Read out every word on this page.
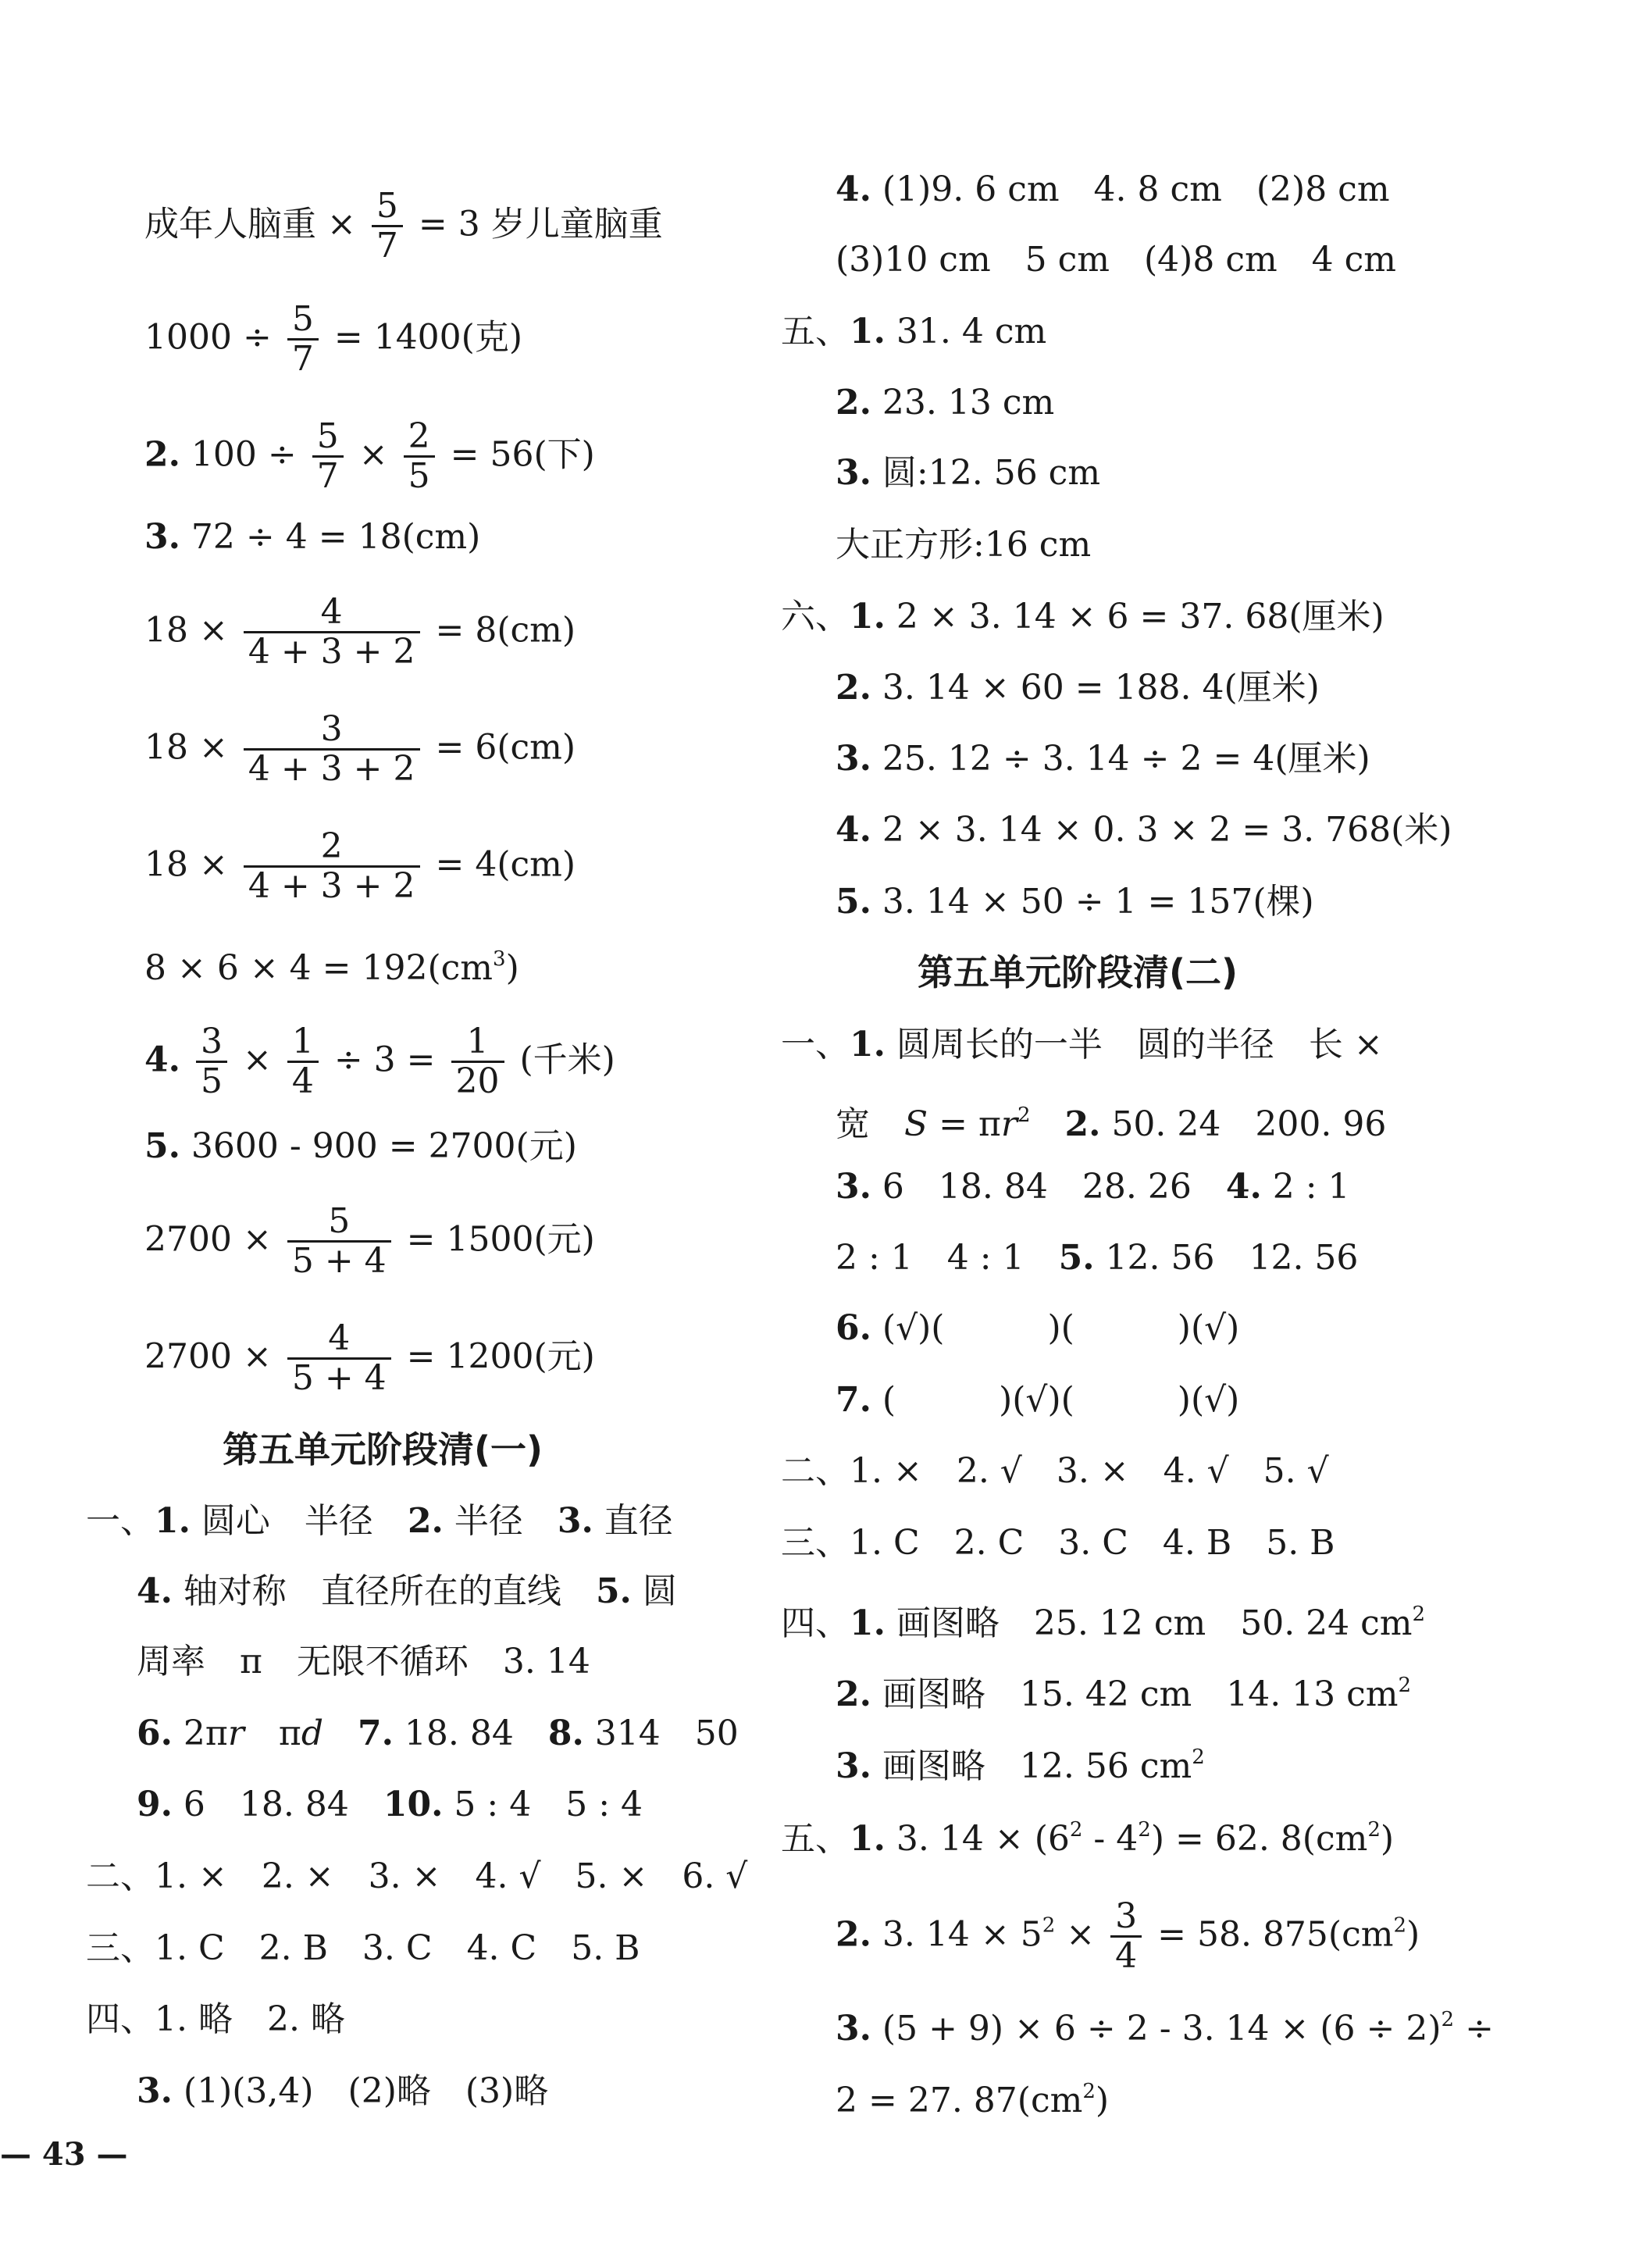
成年人脑重 × $\frac{5}{7} = 3$ 岁儿童脑重
$1000 \div \frac{5}{7} = 1400$(克)
2. $100 \div \frac{5}{7} \times \frac{2}{5} = 56$(下)
3. 72 ÷ 4 = 18(cm)
$18 \times \frac{4}{4 + 3 + 2} = 8(cm)$
$18 \times \frac{3}{4 + 3 + 2} = 6(cm)$
$18 \times \frac{2}{4 + 3 + 2} = 4(cm)$
$8 \times 6 \times 4 = 192(cm^3)$
4. $\frac{3}{5} \times \frac{1}{4} \div 3 = \frac{1}{20}$ (千米)
5. 3600 - 900 = 2700(元)
$2700 \times \frac{5}{5 + 4} = 1500$(元)
$2700 \times \frac{4}{5 + 4} = 1200$(元)
第五单元阶段清(一)
一、1. 圆心　半径　2. 半径　3. 直径
4. 轴对称　直径所在的直线　5. 圆
周率　π　无限不循环　3. 14
6. 2πr　πd　7. 18. 84　8. 314　50
9. 6　18. 84　10. 5 : 4　5 : 4
二、1. ×　2. ×　3. ×　4. √　5. ×　6. √
三、1. C　2. B　3. C　4. C　5. B
四、1. 略　2. 略
3. (1)(3,4)　(2)略　(3)略
4. (1)9. 6 cm　4. 8 cm　(2)8 cm
(3)10 cm　5 cm　(4)8 cm　4 cm
五、1. 31. 4 cm
2. 23. 13 cm
3. 圆:12. 56 cm
大正方形:16 cm
六、1. 2 × 3. 14 × 6 = 37. 68(厘米)
2. 3. 14 × 60 = 188. 4(厘米)
3. 25. 12 ÷ 3. 14 ÷ 2 = 4(厘米)
4. 2 × 3. 14 × 0. 3 × 2 = 3. 768(米)
5. 3. 14 × 50 ÷ 1 = 157(棵)
第五单元阶段清(二)
一、1. 圆周长的一半　圆的半径　长 ×
宽　$S = \pi r^2$　2. 50. 24　200. 96
3. 6　18. 84　28. 26　4. 2 : 1
2 : 1　4 : 1　5. 12. 56　12. 56
6. (√)(　　　)(　　　)(√)
7. (　　　)(√)(　　　)(√)
二、1. ×　2. √　3. ×　4. √　5. √
三、1. C　2. C　3. C　4. B　5. B
四、1. 画图略　25. 12 cm　50. 24 $cm^2$
2. 画图略　15. 42 cm　14. 13 $cm^2$
3. 画图略　12. 56 $cm^2$
五、1. 3. $14 \times (6^2 - 4^2) = 62$. $8(cm^2)$
2. 3. $14 \times 5^2 \times \frac{3}{4} = 58$. $875(cm^2)$
3. (5 + 9) × 6 ÷ 2 - 3. $14 \times (6 \div 2)^2$ ÷
2 = 27. $87(cm^2)$
— 43 —
